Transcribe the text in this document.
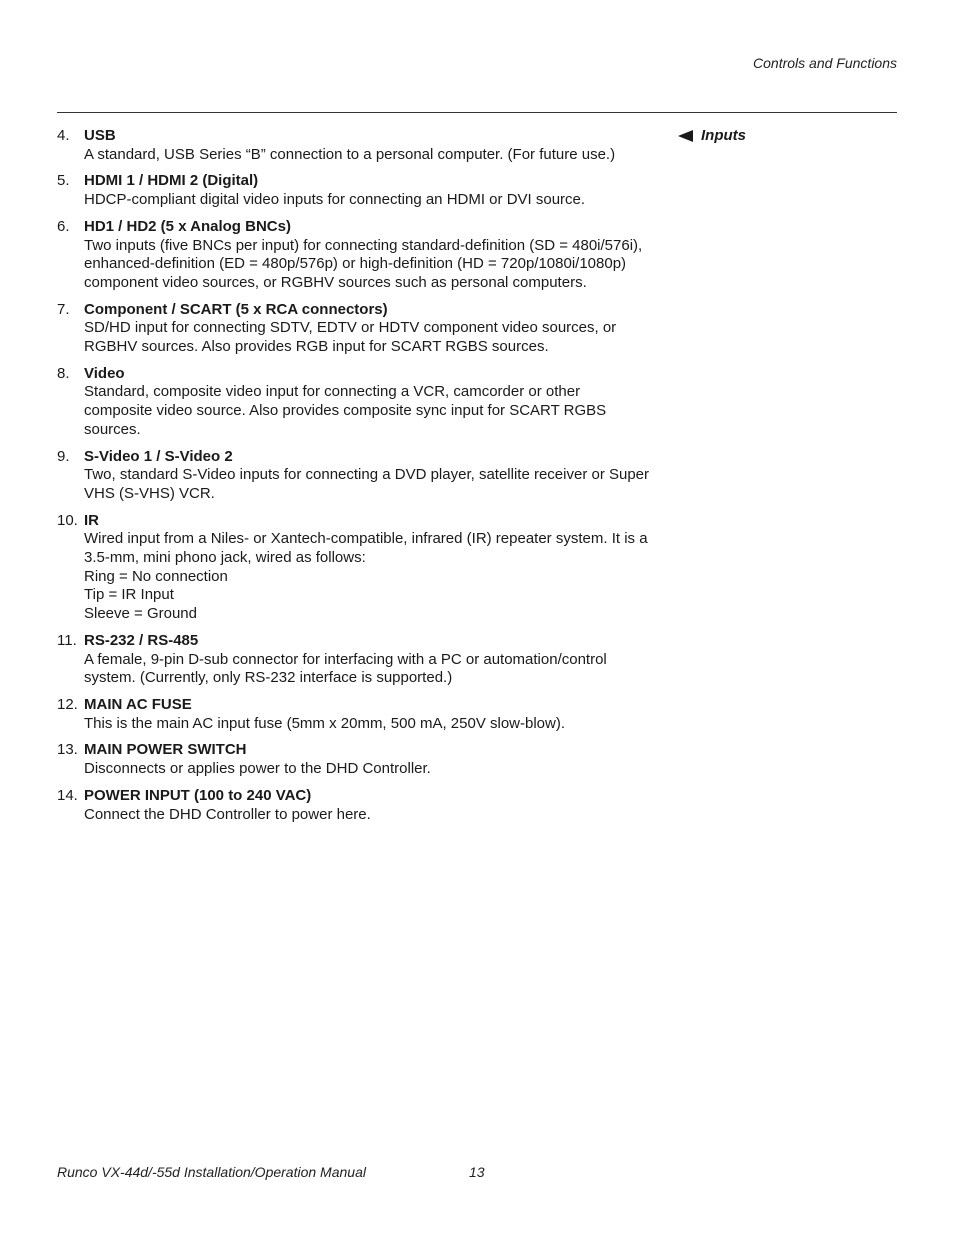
Controls and Functions
Inputs
4. USB
A standard, USB Series “B” connection to a personal computer. (For future use.)
5. HDMI 1 / HDMI 2 (Digital)
HDCP-compliant digital video inputs for connecting an HDMI or DVI source.
6. HD1 / HD2 (5 x Analog BNCs)
Two inputs (five BNCs per input) for connecting standard-definition (SD = 480i/576i),
enhanced-definition (ED = 480p/576p) or high-definition (HD = 720p/1080i/1080p)
component video sources, or RGBHV sources such as personal computers.
7. Component / SCART (5 x RCA connectors)
SD/HD input for connecting SDTV, EDTV or HDTV component video sources, or
RGBHV sources. Also provides RGB input for SCART RGBS sources.
8. Video
Standard, composite video input for connecting a VCR, camcorder or other
composite video source. Also provides composite sync input for SCART RGBS
sources.
9. S-Video 1 / S-Video 2
Two, standard S-Video inputs for connecting a DVD player, satellite receiver or Super
VHS (S-VHS) VCR.
10. IR
Wired input from a Niles- or Xantech-compatible, infrared (IR) repeater system. It is a
3.5-mm, mini phono jack, wired as follows:
Ring = No connection
Tip = IR Input
Sleeve = Ground
11. RS-232 / RS-485
A female, 9-pin D-sub connector for interfacing with a PC or automation/control
system. (Currently, only RS-232 interface is supported.)
12. MAIN AC FUSE
This is the main AC input fuse (5mm x 20mm, 500 mA, 250V slow-blow).
13. MAIN POWER SWITCH
Disconnects or applies power to the DHD Controller.
14. POWER INPUT (100 to 240 VAC)
Connect the DHD Controller to power here.
Runco VX-44d/-55d Installation/Operation Manual	13
